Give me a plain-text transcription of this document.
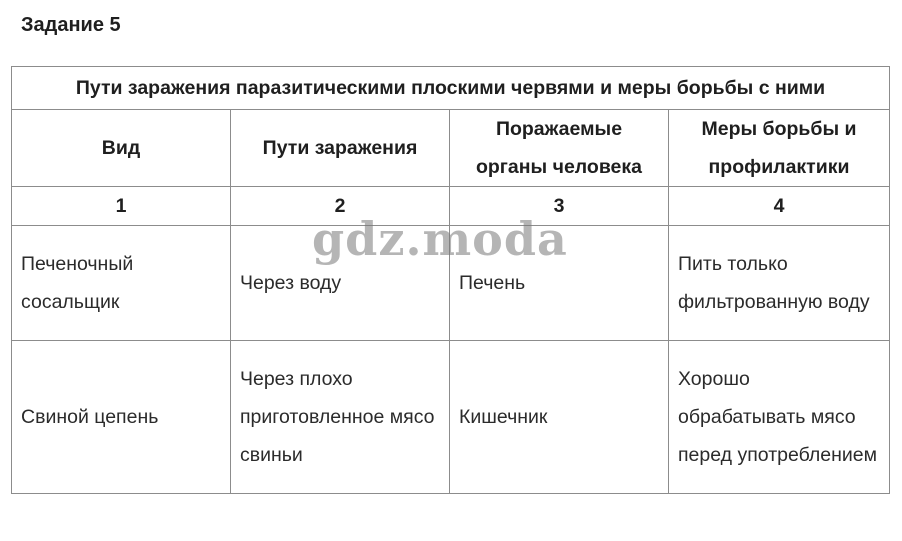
Задание 5
Пути заражения паразитическими плоскими червями и меры борьбы с ними			
Вид	Пути заражения	Поражаемые органы человека	Меры борьбы и профилактики
1	2	3	4
Печеночный сосальщик	Через воду	Печень	Пить только фильтрованную воду
Свиной цепень	Через плохо приготовленное мясо свиньи	Кишечник	Хорошо обрабатывать мясо перед употреблением
gdz.moda
